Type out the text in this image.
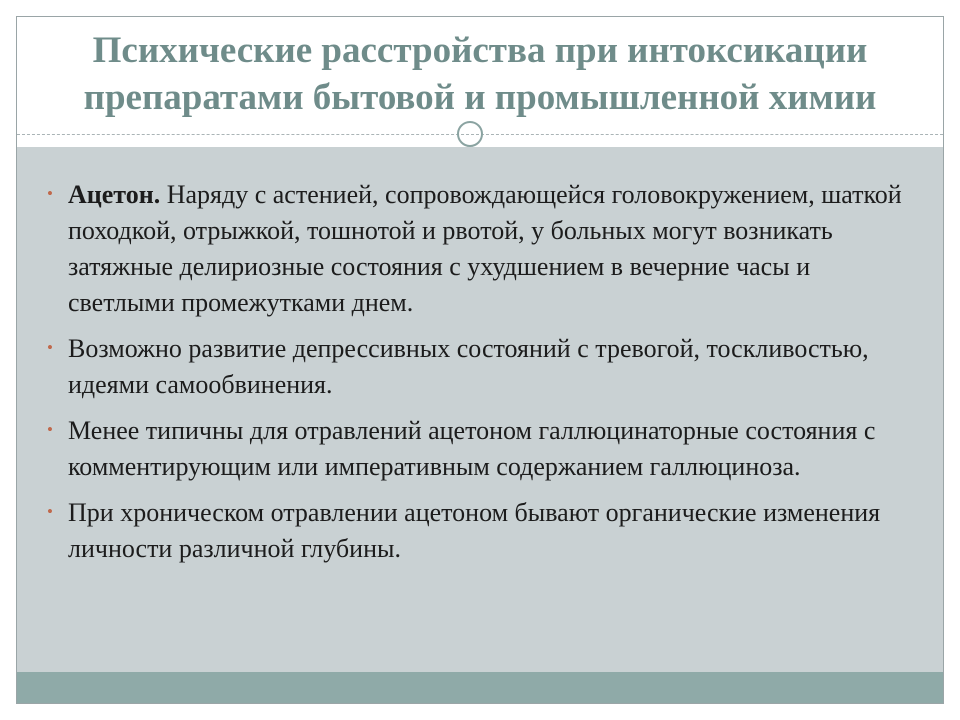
Психические расстройства при интоксикации препаратами бытовой и промышленной химии
• Ацетон. Наряду с астенией, сопровождающейся головокружением, шаткой походкой, отрыжкой, тошнотой и рвотой, у больных могут возникать затяжные делириозные состояния с ухудшением в вечерние часы и светлыми промежутками днем.
• Возможно развитие депрессивных состояний с тревогой, тоскливостью, идеями самообвинения.
• Менее типичны для отравлений ацетоном галлюцинаторные состояния с комментирующим или императивным содержанием галлюциноза.
• При хроническом отравлении ацетоном бывают органические изменения личности различной глубины.
